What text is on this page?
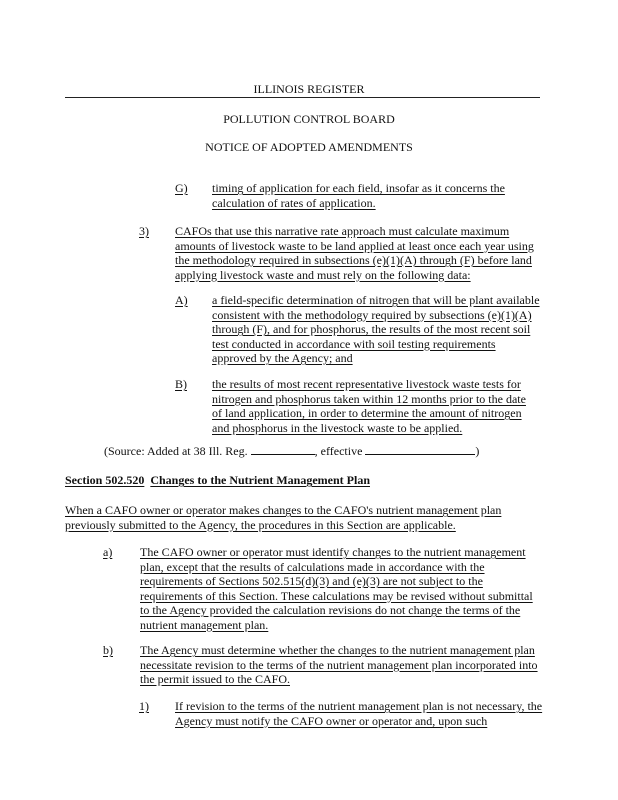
ILLINOIS REGISTER
POLLUTION CONTROL BOARD
NOTICE OF ADOPTED AMENDMENTS
G) timing of application for each field, insofar as it concerns the calculation of rates of application.
3) CAFOs that use this narrative rate approach must calculate maximum amounts of livestock waste to be land applied at least once each year using the methodology required in subsections (e)(1)(A) through (F) before land applying livestock waste and must rely on the following data:
A) a field-specific determination of nitrogen that will be plant available consistent with the methodology required by subsections (e)(1)(A) through (F), and for phosphorus, the results of the most recent soil test conducted in accordance with soil testing requirements approved by the Agency; and
B) the results of most recent representative livestock waste tests for nitrogen and phosphorus taken within 12 months prior to the date of land application, in order to determine the amount of nitrogen and phosphorus in the livestock waste to be applied.
(Source: Added at 38 Ill. Reg.	, effective	)
Section 502.520 Changes to the Nutrient Management Plan
When a CAFO owner or operator makes changes to the CAFO's nutrient management plan previously submitted to the Agency, the procedures in this Section are applicable.
a) The CAFO owner or operator must identify changes to the nutrient management plan, except that the results of calculations made in accordance with the requirements of Sections 502.515(d)(3) and (e)(3) are not subject to the requirements of this Section. These calculations may be revised without submittal to the Agency provided the calculation revisions do not change the terms of the nutrient management plan.
b) The Agency must determine whether the changes to the nutrient management plan necessitate revision to the terms of the nutrient management plan incorporated into the permit issued to the CAFO.
1) If revision to the terms of the nutrient management plan is not necessary, the Agency must notify the CAFO owner or operator and, upon such
